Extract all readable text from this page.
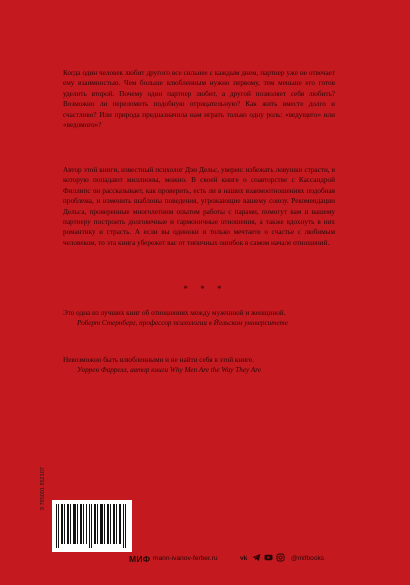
Когда один человек любит другого все сильнее с каждым днем, партнер уже не отвечает ему взаимностью. Чем больше влюбленным нужно первому, тем меньше его готов уделить второй. Почему один партнер любит, а другой позволяет себя любить? Возможно ли переломить подобную отрицательную? Как жить вместе долго и счастливо? Или природа предназначила нам играть только одну роль: «ведущего» или «ведомого»?

Автор этой книги, известный психолог Дэн Дельс, уверен: избежать ловушки страсти, в которую попадают миллионы, можно. В своей книге о соавторстве с Кассандрой Филлипс он рассказывает, как проверить, есть ли в наших взаимоотношениях подобная проблема, и изменить шаблоны поведения, угрожающие вашему союзу. Рекомендации Дельса, проверенные многолетним опытом работы с парами, помогут вам и вашему партнеру построить долговечные и гармоничные отношения, а также вдохнуть в них романтику и страсть. А если вы одиноки и только мечтаете о счастье с любимым человеком, то эта книга убережет вас от типичных ошибок в самом начале отношений.

* * *

Это одна из лучших книг об отношениях между мужчиной и женщиной.

Роберт Стернберг, профессор психологии в Йельском университете

Невозможно быть влюбленными и не найти себя в этой книге.

Уоррен Фаррелл, автор книги Why Men Are the Way They Are

9 785001 952107
МИФ mann-ivanov-ferber.ru	vk	@mifbooks
